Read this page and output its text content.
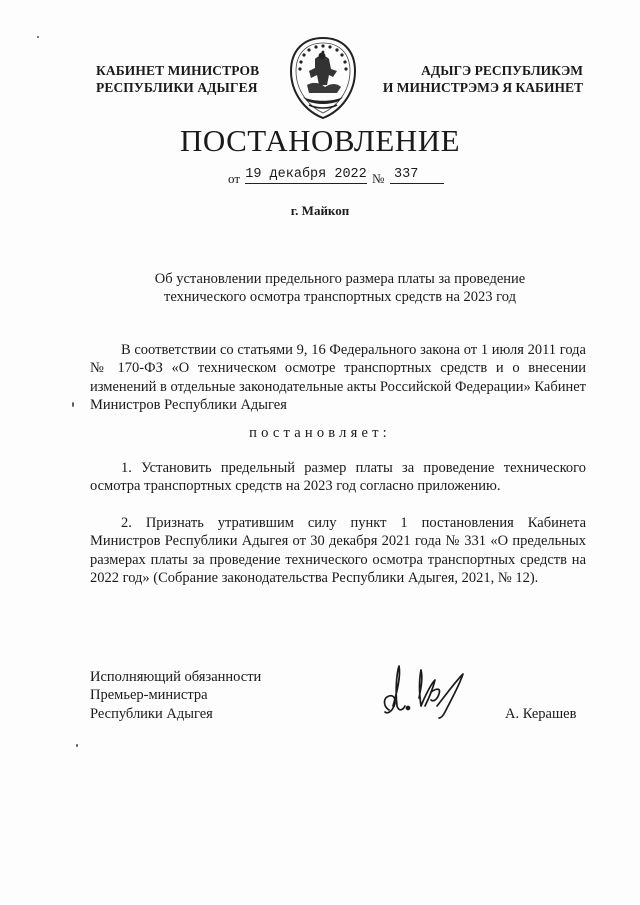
КАБИНЕТ МИНИСТРОВ
РЕСПУБЛИКИ АДЫГЕЯ
АДЫГЭ РЕСПУБЛИКЭМ
И МИНИСТРЭМЭ Я КАБИНЕТ
ПОСТАНОВЛЕНИЕ
от 19 декабря 2022 № 337
г. Майкоп
Об установлении предельного размера платы за проведение
технического осмотра транспортных средств на 2023 год
В соответствии со статьями 9, 16 Федерального закона от 1 июля 2011 года № 170-ФЗ «О техническом осмотре транспортных средств и о внесении изменений в отдельные законодательные акты Российской Федерации» Кабинет Министров Республики Адыгея
постановляет:
1. Установить предельный размер платы за проведение технического осмотра транспортных средств на 2023 год согласно приложению.
2. Признать утратившим силу пункт 1 постановления Кабинета Министров Республики Адыгея от 30 декабря 2021 года № 331 «О предельных размерах платы за проведение технического осмотра транспортных средств на 2022 год» (Собрание законодательства Республики Адыгея, 2021, № 12).
Исполняющий обязанности
Премьер-министра
Республики Адыгея	А. Керашев
